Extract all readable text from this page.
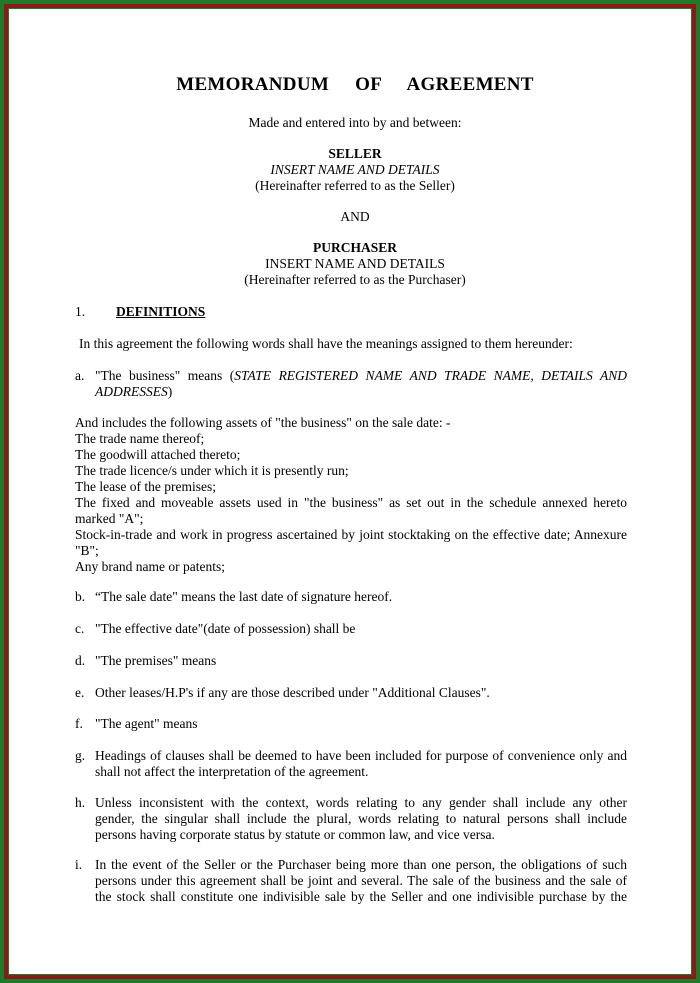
MEMORANDUM  OF  AGREEMENT
Made and entered into by and between:
SELLER
INSERT NAME AND DETAILS
(Hereinafter referred to as the Seller)
AND
PURCHASER
INSERT NAME AND DETAILS
(Hereinafter referred to as the Purchaser)
1. DEFINITIONS
In this agreement the following words shall have the meanings assigned to them hereunder:
a. "The business" means (STATE REGISTERED NAME AND TRADE NAME, DETAILS AND
ADDRESSES)
And includes the following assets of "the business" on the sale date: -
The trade name thereof;
The goodwill attached thereto;
The trade licence/s under which it is presently run;
The lease of the premises;
The fixed and moveable assets used in "the business" as set out in the schedule annexed hereto
marked "A";
Stock-in-trade and work in progress ascertained by joint stocktaking on the effective date; Annexure
"B";
Any brand name or patents;
b. “The sale date" means the last date of signature hereof.
c. "The effective date"(date of possession) shall be
d. "The premises" means
e. Other leases/H.P's if any are those described under "Additional Clauses".
f. "The agent" means
g. Headings of clauses shall be deemed to have been included for purpose of convenience only and
shall not affect the interpretation of the agreement.
h. Unless inconsistent with the context, words relating to any gender shall include any other
gender, the singular shall include the plural, words relating to natural persons shall include
persons having corporate status by statute or common law, and vice versa.
i. In the event of the Seller or the Purchaser being more than one person, the obligations of such
persons under this agreement shall be joint and several. The sale of the business and the sale of
the stock shall constitute one indivisible sale by the Seller and one indivisible purchase by the
